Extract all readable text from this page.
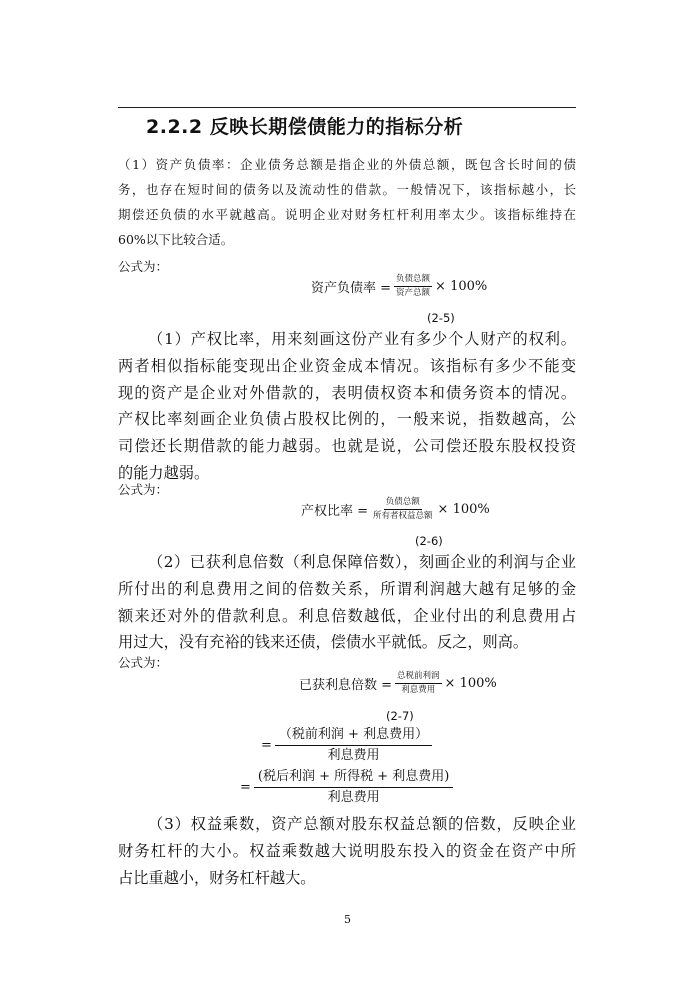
2.2.2 反映长期偿债能力的指标分析
（1）资产负债率：企业债务总额是指企业的外债总额，既包含长时间的债
务，也存在短时间的债务以及流动性的借款。一般情况下，该指标越小，长
期偿还负债的水平就越高。说明企业对财务杠杆利用率太少。该指标维持在
60%以下比较合适。
公式为：
资产负债率 = $\frac{\text{负债总额}}{\text{资产总额}} \times 100\%$
(2-5)
（1）产权比率，用来刻画这份产业有多少个人财产的权利。
两者相似指标能变现出企业资金成本情况。该指标有多少不能变
现的资产是企业对外借款的，表明债权资本和债务资本的情况。
产权比率刻画企业负债占股权比例的，一般来说，指数越高，公
司偿还长期借款的能力越弱。也就是说，公司偿还股东股权投资
的能力越弱。
公式为：
产权比率 = $\frac{\text{负债总额}}{\text{所有者权益总额}} \times 100\%$
(2-6)
（2）已获利息倍数（利息保障倍数），刻画企业的利润与企业
所付出的利息费用之间的倍数关系，所谓利润越大越有足够的金
额来还对外的借款利息。利息倍数越低，企业付出的利息费用占
用过大，没有充裕的钱来还债，偿债水平就低。反之，则高。
公式为：
已获利息倍数 = $\frac{\text{总税前利润}}{\text{利息费用}} \times 100\%$
(2-7)
= $\frac{\text{（税前利润 + 利息费用）}}{\text{利息费用}}$
= $\frac{\text{(税后利润 + 所得税 + 利息费用)}}{\text{利息费用}}$
（3）权益乘数，资产总额对股东权益总额的倍数，反映企业
财务杠杆的大小。权益乘数越大说明股东投入的资金在资产中所
占比重越小，财务杠杆越大。
5
